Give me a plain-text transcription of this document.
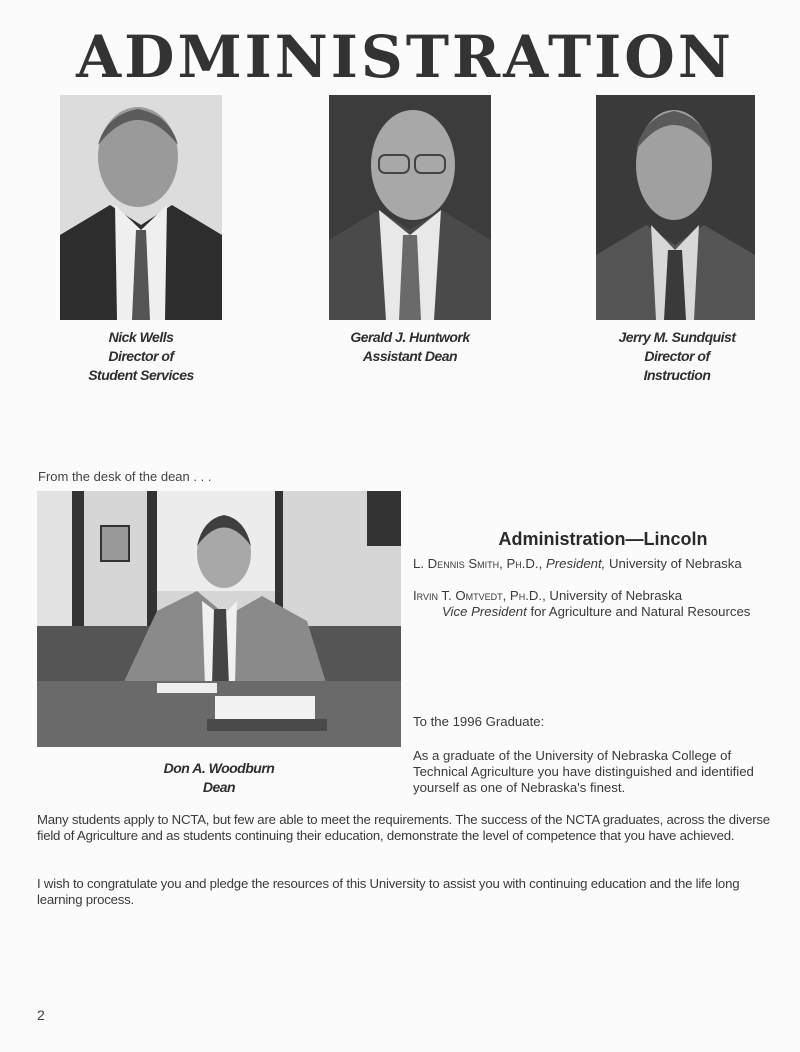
ADMINISTRATION
Nick Wells
Director of
Student Services
Gerald J. Huntwork
Assistant Dean
Jerry M. Sundquist
Director of
Instruction
From the desk of the dean . . .
Don A. Woodburn
Dean
Administration—Lincoln
L. Dennis Smith, Ph.D., President, University of Nebraska
Irvin T. Omtvedt, Ph.D., University of Nebraska
Vice President for Agriculture and Natural Resources
To the 1996 Graduate:
As a graduate of the University of Nebraska College of Technical Agriculture you have distinguished and identified yourself as one of Nebraska's finest.
Many students apply to NCTA, but few are able to meet the requirements. The success of the NCTA graduates, across the diverse field of Agriculture and as students continuing their education, demonstrate the level of competence that you have achieved.
I wish to congratulate you and pledge the resources of this University to assist you with continuing education and the life long learning process.
2
